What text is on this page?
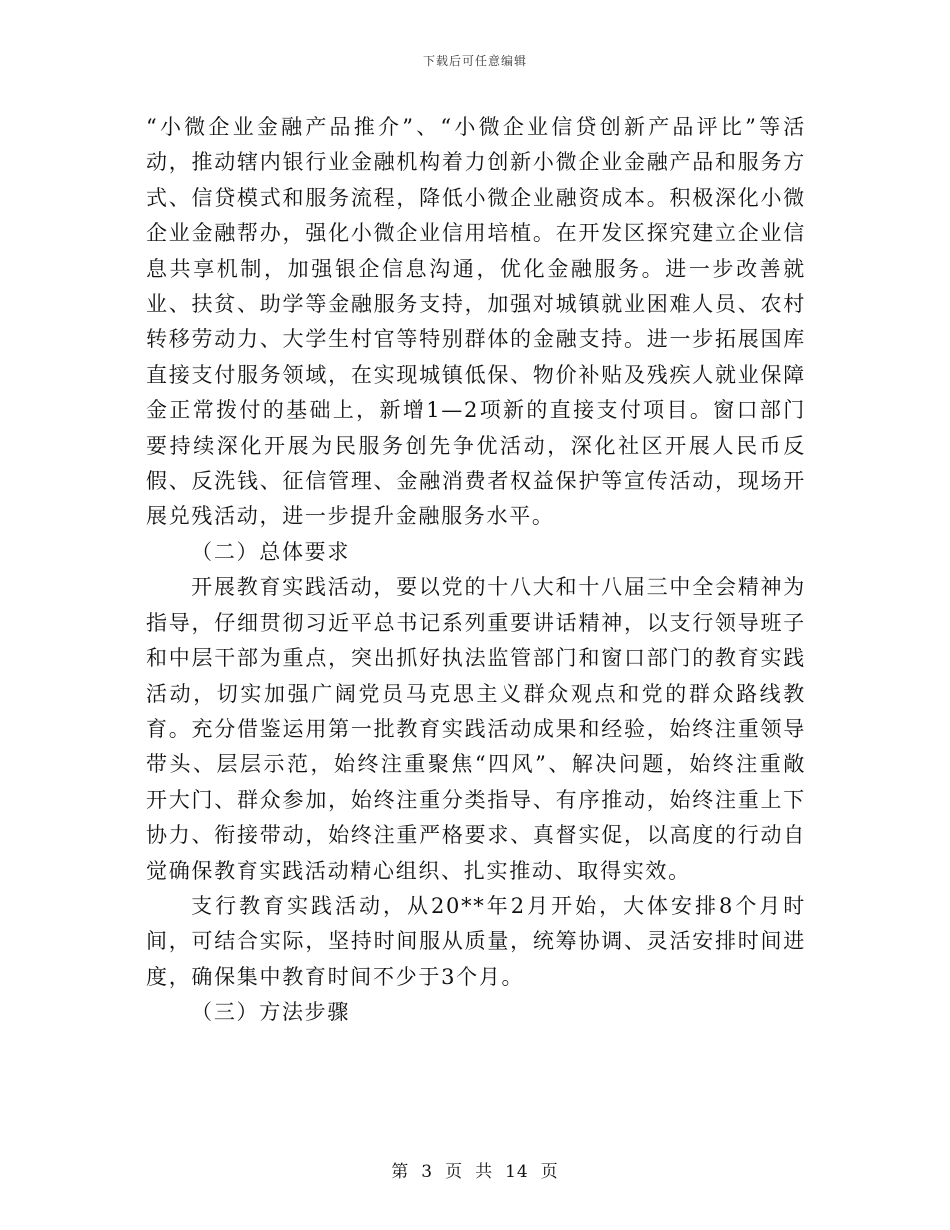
下载后可任意编辑

“小微企业金融产品推介”、“小微企业信贷创新产品评比”等活动，推动辖内银行业金融机构着力创新小微企业金融产品和服务方式、信贷模式和服务流程，降低小微企业融资成本。积极深化小微企业金融帮办，强化小微企业信用培植。在开发区探究建立企业信息共享机制，加强银企信息沟通，优化金融服务。进一步改善就业、扶贫、助学等金融服务支持，加强对城镇就业困难人员、农村转移劳动力、大学生村官等特别群体的金融支持。进一步拓展国库直接支付服务领域，在实现城镇低保、物价补贴及残疾人就业保障金正常拨付的基础上，新增1—2项新的直接支付项目。窗口部门要持续深化开展为民服务创先争优活动，深化社区开展人民币反假、反洗钱、征信管理、金融消费者权益保护等宣传活动，现场开展兑残活动，进一步提升金融服务水平。

（二）总体要求

开展教育实践活动，要以党的十八大和十八届三中全会精神为指导，仔细贯彻习近平总书记系列重要讲话精神，以支行领导班子和中层干部为重点，突出抓好执法监管部门和窗口部门的教育实践活动，切实加强广阔党员马克思主义群众观点和党的群众路线教育。充分借鉴运用第一批教育实践活动成果和经验，始终注重领导带头、层层示范，始终注重聚焦“四风”、解决问题，始终注重敞开大门、群众参加，始终注重分类指导、有序推动，始终注重上下协力、衔接带动，始终注重严格要求、真督实促，以高度的行动自觉确保教育实践活动精心组织、扎实推动、取得实效。

支行教育实践活动，从20**年2月开始，大体安排8个月时间，可结合实际，坚持时间服从质量，统筹协调、灵活安排时间进度，确保集中教育时间不少于3个月。

（三）方法步骤

第 3 页 共 14 页
